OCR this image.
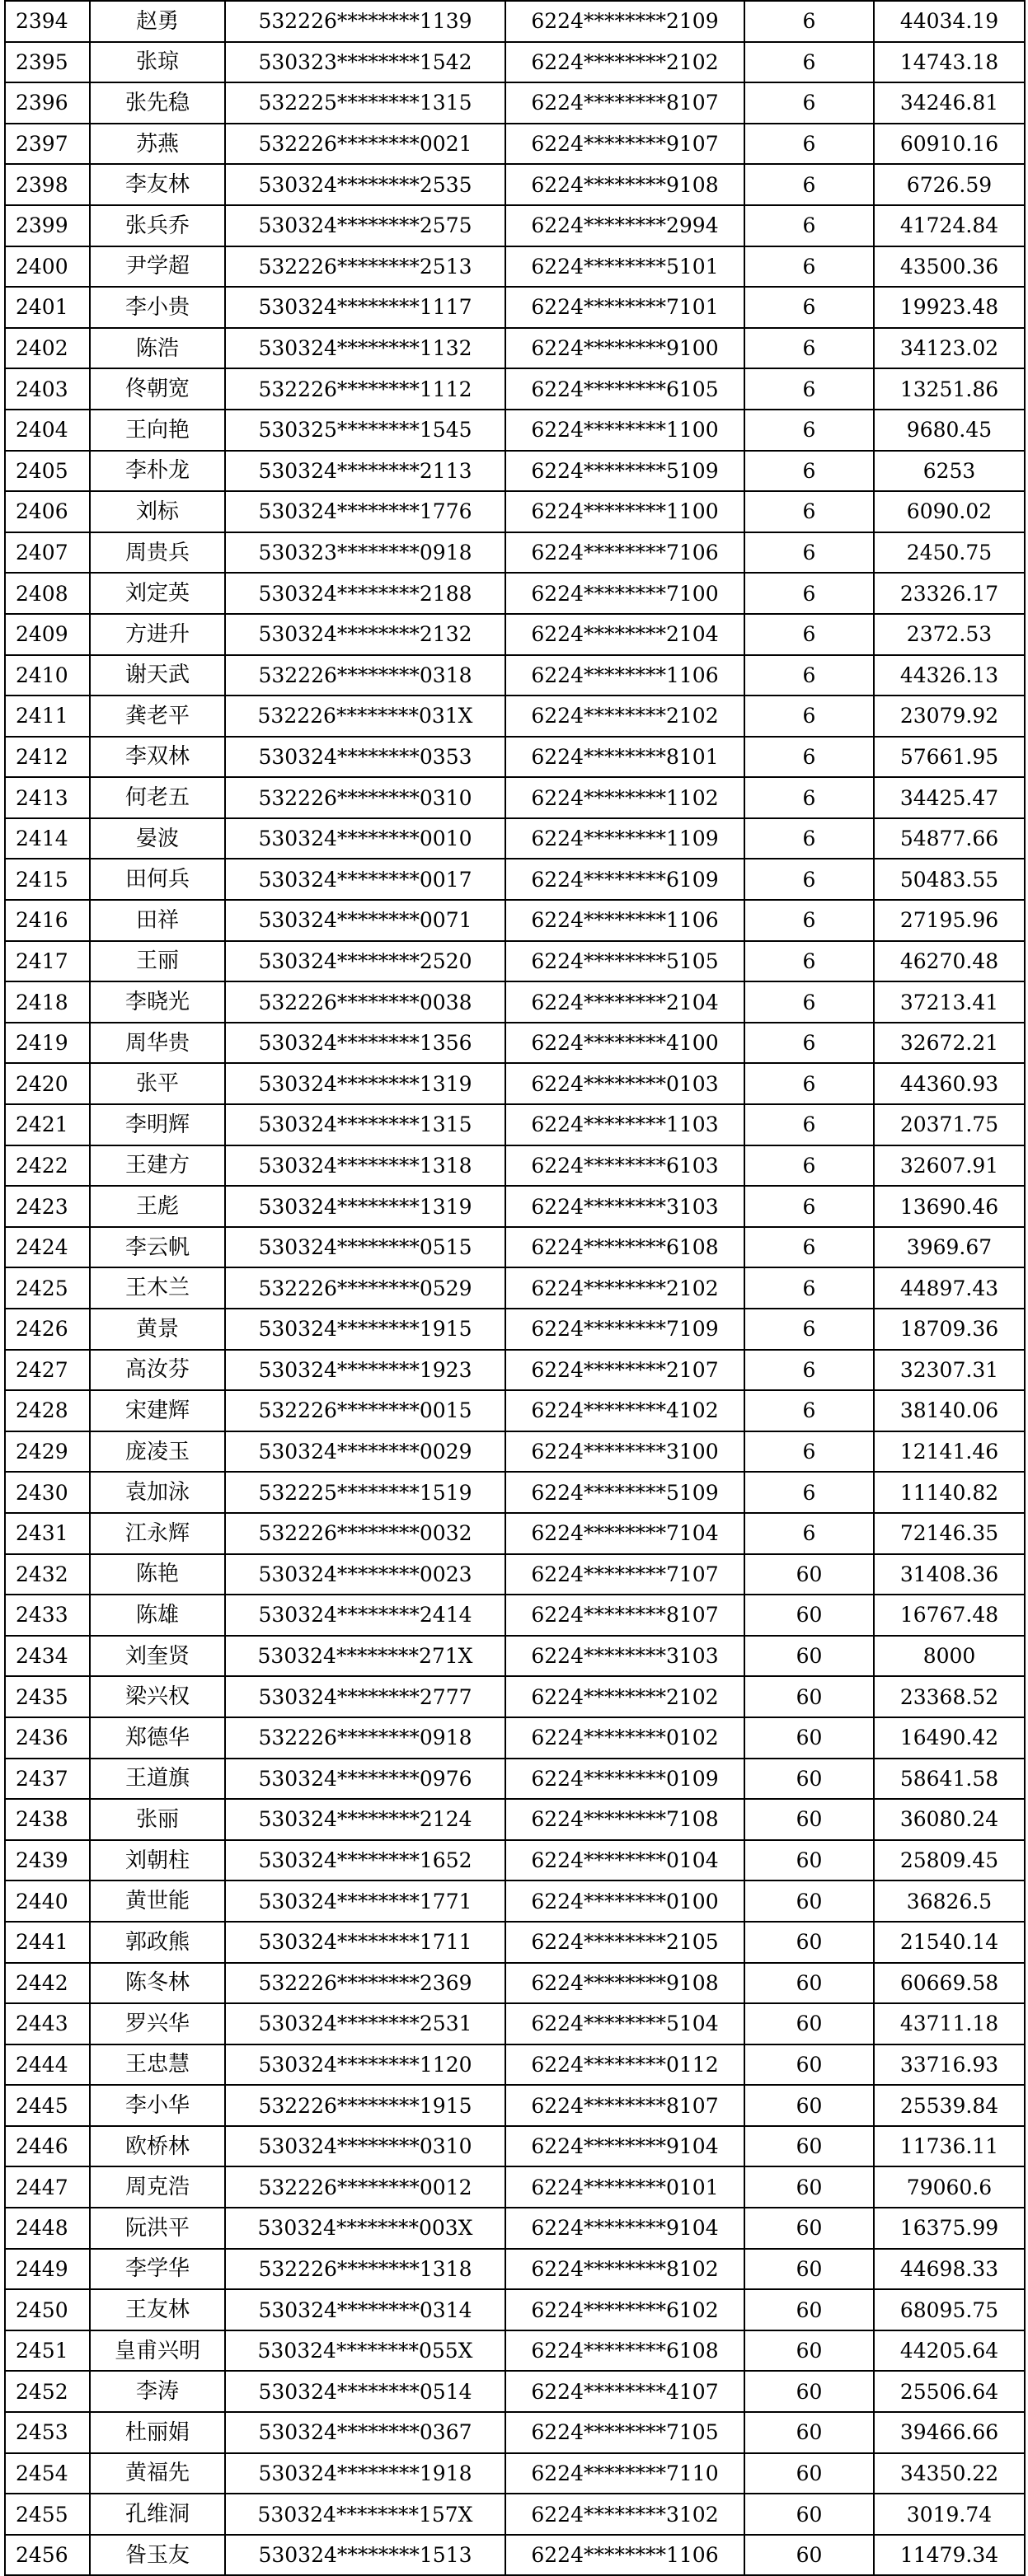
2394	赵勇	532226********1139	6224********2109	6	44034.19
2395	张琼	530323********1542	6224********2102	6	14743.18
2396	张先稳	532225********1315	6224********8107	6	34246.81
2397	苏燕	532226********0021	6224********9107	6	60910.16
2398	李友林	530324********2535	6224********9108	6	6726.59
2399	张兵乔	530324********2575	6224********2994	6	41724.84
2400	尹学超	532226********2513	6224********5101	6	43500.36
2401	李小贵	530324********1117	6224********7101	6	19923.48
2402	陈浩	530324********1132	6224********9100	6	34123.02
2403	佟朝宽	532226********1112	6224********6105	6	13251.86
2404	王向艳	530325********1545	6224********1100	6	9680.45
2405	李朴龙	530324********2113	6224********5109	6	6253
2406	刘标	530324********1776	6224********1100	6	6090.02
2407	周贵兵	530323********0918	6224********7106	6	2450.75
2408	刘定英	530324********2188	6224********7100	6	23326.17
2409	方进升	530324********2132	6224********2104	6	2372.53
2410	谢天武	532226********0318	6224********1106	6	44326.13
2411	龚老平	532226********031X	6224********2102	6	23079.92
2412	李双林	530324********0353	6224********8101	6	57661.95
2413	何老五	532226********0310	6224********1102	6	34425.47
2414	晏波	530324********0010	6224********1109	6	54877.66
2415	田何兵	530324********0017	6224********6109	6	50483.55
2416	田祥	530324********0071	6224********1106	6	27195.96
2417	王丽	530324********2520	6224********5105	6	46270.48
2418	李晓光	532226********0038	6224********2104	6	37213.41
2419	周华贵	530324********1356	6224********4100	6	32672.21
2420	张平	530324********1319	6224********0103	6	44360.93
2421	李明辉	530324********1315	6224********1103	6	20371.75
2422	王建方	530324********1318	6224********6103	6	32607.91
2423	王彪	530324********1319	6224********3103	6	13690.46
2424	李云帆	530324********0515	6224********6108	6	3969.67
2425	王木兰	532226********0529	6224********2102	6	44897.43
2426	黄景	530324********1915	6224********7109	6	18709.36
2427	高汝芬	530324********1923	6224********2107	6	32307.31
2428	宋建辉	532226********0015	6224********4102	6	38140.06
2429	庞凌玉	530324********0029	6224********3100	6	12141.46
2430	袁加泳	532225********1519	6224********5109	6	11140.82
2431	江永辉	532226********0032	6224********7104	6	72146.35
2432	陈艳	530324********0023	6224********7107	60	31408.36
2433	陈雄	530324********2414	6224********8107	60	16767.48
2434	刘奎贤	530324********271X	6224********3103	60	8000
2435	梁兴权	530324********2777	6224********2102	60	23368.52
2436	郑德华	532226********0918	6224********0102	60	16490.42
2437	王道旗	530324********0976	6224********0109	60	58641.58
2438	张丽	530324********2124	6224********7108	60	36080.24
2439	刘朝柱	530324********1652	6224********0104	60	25809.45
2440	黄世能	530324********1771	6224********0100	60	36826.5
2441	郭政熊	530324********1711	6224********2105	60	21540.14
2442	陈冬林	532226********2369	6224********9108	60	60669.58
2443	罗兴华	530324********2531	6224********5104	60	43711.18
2444	王忠慧	530324********1120	6224********0112	60	33716.93
2445	李小华	532226********1915	6224********8107	60	25539.84
2446	欧桥林	530324********0310	6224********9104	60	11736.11
2447	周克浩	532226********0012	6224********0101	60	79060.6
2448	阮洪平	530324********003X	6224********9104	60	16375.99
2449	李学华	532226********1318	6224********8102	60	44698.33
2450	王友林	530324********0314	6224********6102	60	68095.75
2451	皇甫兴明	530324********055X	6224********6108	60	44205.64
2452	李涛	530324********0514	6224********4107	60	25506.64
2453	杜丽娟	530324********0367	6224********7105	60	39466.66
2454	黄福先	530324********1918	6224********7110	60	34350.22
2455	孔维洞	530324********157X	6224********3102	60	3019.74
2456	昝玉友	530324********1513	6224********1106	60	11479.34
